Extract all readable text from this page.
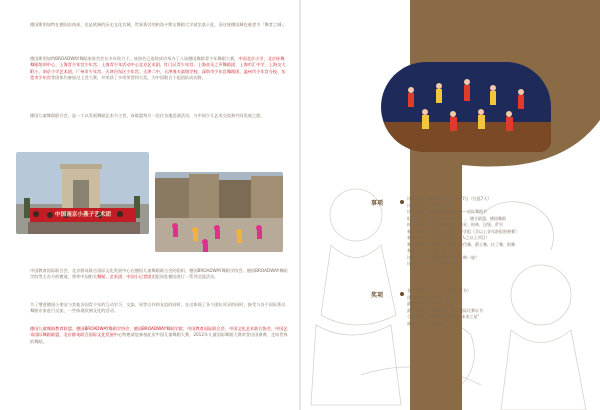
德国斯图加特在德国东南部，也是欧洲的历史文化名城，世界著名的柏洛卡斯宝舞蹈大学就坐落于此，而这座德国城也被誉为「舞者之城」。
德国斯图加特BROADWAY舞蹈家协会会长多年致力于，该协会已连续成功举办了八届德国舞蹈青少年舞蹈大赛，中国北京小学、北京炫舞舞蹈培训中心、上海青少年宫少年宫、上海青少年活动中心北京艺术团、红门区青少年宫、上海音乐之声舞蹈团、上海市汇中学、上海交大附小、南京小学艺术团、广州市少年宫、天津河东区少年宫、天津二中、天津逸夫高级学校、深圳市少年宫舞蹈团、温州市少年宫分校、东莞市少年宫等团体均参加过上述大赛，并荣获了多项荣誉和大奖，为中国数百个组团队成功路。
德国儿童舞蹈联合会，是一个以发展舞蹈艺术为主旨，该联盟每月一次往各地巡演活动，与中国少儿艺术交流和共同发展之愿。
中国南京小燕子艺术团
中国教育国际联合会、北京群英联合国际文化发展中心在德国儿童舞蹈联合会的组织，德国BROADWAY舞蹈学协会、德国BROADWAY舞蹈学院等主办方的邀请，将率中国相关舞蹈、艺术团、中国小记者团团组同赴德国进行一系列交流活动。
为了增进德国小朋友与其他各国青少年的互动学习、交流、同等合作和友谊的同时，在这体现了各个团队风采的同时，接受与各个国际著名舞蹈专家进行交流，一些体现欧洲文化的活动。
德国儿童舞蹈教育联盟、德国BROADWAY舞蹈学协会、德国BROADWAY舞蹈学院、中国教育国际联合会、中国文化艺术联合协会、中国艺术国际舞蹈联盟、北京群英联合国际文化发展中心特邀请您参加此次中国儿童舞蹈大赛，2012年儿童国际舞蹈大赛荣誉出国参赛，走向世界的舞蹈。
事项
比赛时间：2012年8月1日-8月7日（往返7天）
比赛地点：2012年8月4日
比赛场地：德国斯图加特剧院——国际舞蹈节
组织单位：北京（Roland北京）、 德方联盟、德国舞蹈
指导单位：德国、巴黎、巴伐利亚、柏林、汉堡、萨尔
参赛组别：幼儿组、小学组、中学组（含以上各年龄组别参赛）
参赛形式：个人/双人/团体（多人之以上项目）
舞蹈种类：民族舞、芭蕾舞、现代舞、爵士舞、拉丁舞、街舞
参赛人数：每团队（4-30人）
比赛方式：比赛场地舞台（第一期一轮）
比赛时长：每个节目3分钟以内
奖项
各个级别的一、二、三等奖（证书）
优秀组织奖、特别奖（证书）
最佳节目奖（证书）
最佳参与演出奖及奖品，颁发国际比赛证书
小记者证、2012年 特别评审 "未来之星"
颁奖证书（奖盒证书）
